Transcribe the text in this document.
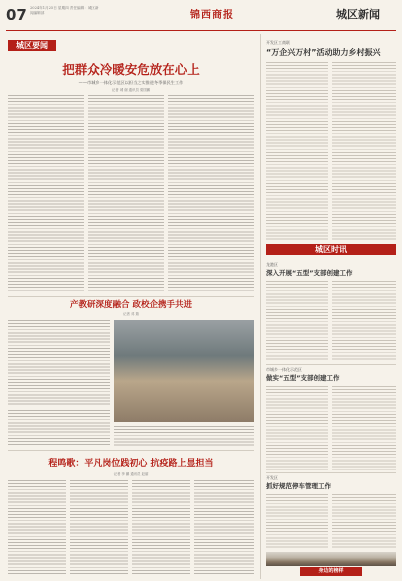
07 2024年1月25日 星期四 责任编辑：城区新闻编辑部	锦西商报	城区新闻
城区要闻
把群众冷暖安危放在心上
——市城乡一体化示范区以担当之实推进冬季保民生工作
记者 城 谢 通讯员 梁国鹏
产教研深度融合 政校企携手共进
记者 邓 瑞
程鸣歌：平凡岗位践初心 抗疫路上显担当
记者 李 鹏 通讯员 赵丽
开发区工商联
“万企兴万村”活动助力乡村振兴
城区时讯
龙港区
深入开展“五型”支部创建工作
市城乡一体化示范区
做实“五型”支部创建工作
开发区
抓好规范停车管理工作
身边的榜样
